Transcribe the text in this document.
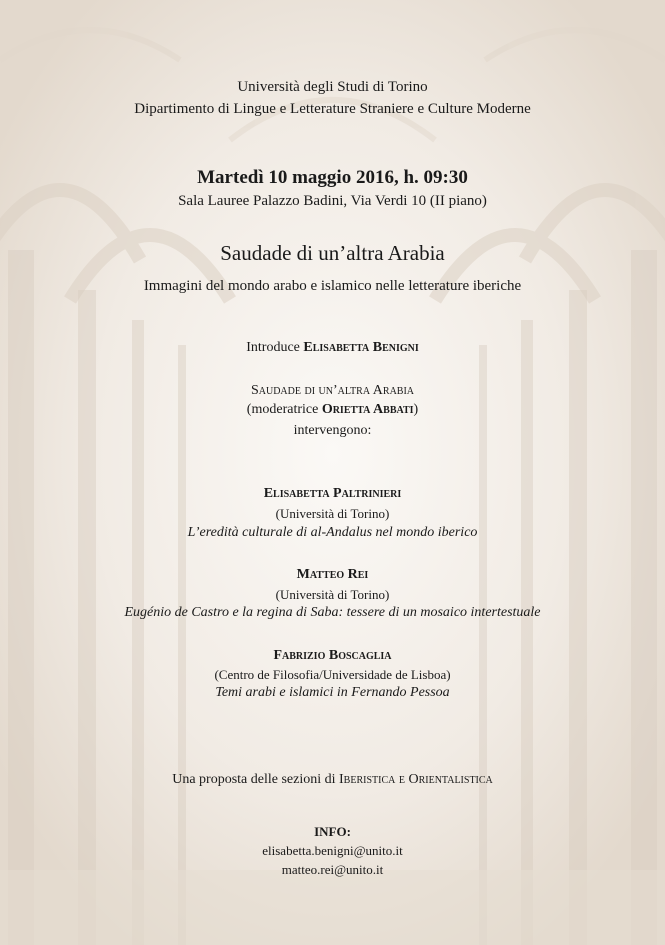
Università degli Studi di Torino
Dipartimento di Lingue e Letterature Straniere e Culture Moderne
Martedì 10 maggio 2016, h. 09:30
Sala Lauree Palazzo Badini, Via Verdi 10 (II piano)
Saudade di un’altra Arabia
Immagini del mondo arabo e islamico nelle letterature iberiche
Introduce Elisabetta Benigni
Saudade di un’altra Arabia
(moderatrice Orietta Abbati)
intervengono:
Elisabetta Paltrinieri
(Università di Torino)
L’eredità culturale di al-Andalus nel mondo iberico
Matteo Rei
(Università di Torino)
Eugénio de Castro e la regina di Saba: tessere di un mosaico intertestuale
Fabrizio Boscaglia
(Centro de Filosofia/Universidade de Lisboa)
Temi arabi e islamici in Fernando Pessoa
Una proposta delle sezioni di Iberistica e Orientalistica
INFO:
elisabetta.benigni@unito.it
matteo.rei@unito.it
